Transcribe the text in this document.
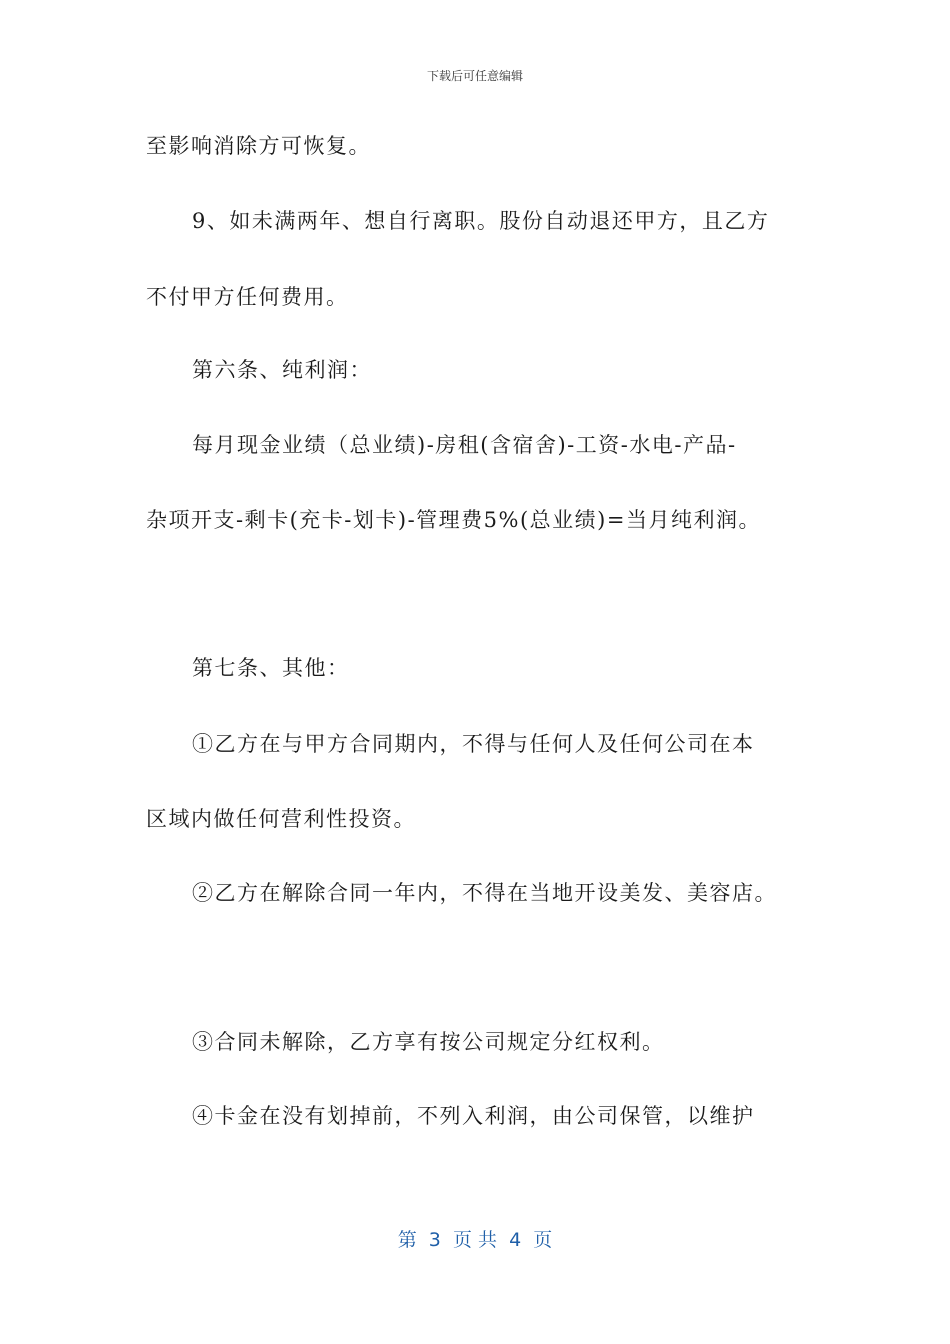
下载后可任意编辑
至影响消除方可恢复。
9、如未满两年、想自行离职。股份自动退还甲方，且乙方
不付甲方任何费用。
第六条、纯利润：
每月现金业绩（总业绩)-房租(含宿舍)-工资-水电-产品-
杂项开支-剩卡(充卡-划卡)-管理费5%(总业绩)=当月纯利润。
第七条、其他：
①乙方在与甲方合同期内，不得与任何人及任何公司在本
区域内做任何营利性投资。
②乙方在解除合同一年内，不得在当地开设美发、美容店。
③合同未解除，乙方享有按公司规定分红权利。
④卡金在没有划掉前，不列入利润，由公司保管，以维护
第  3  页 共  4  页
